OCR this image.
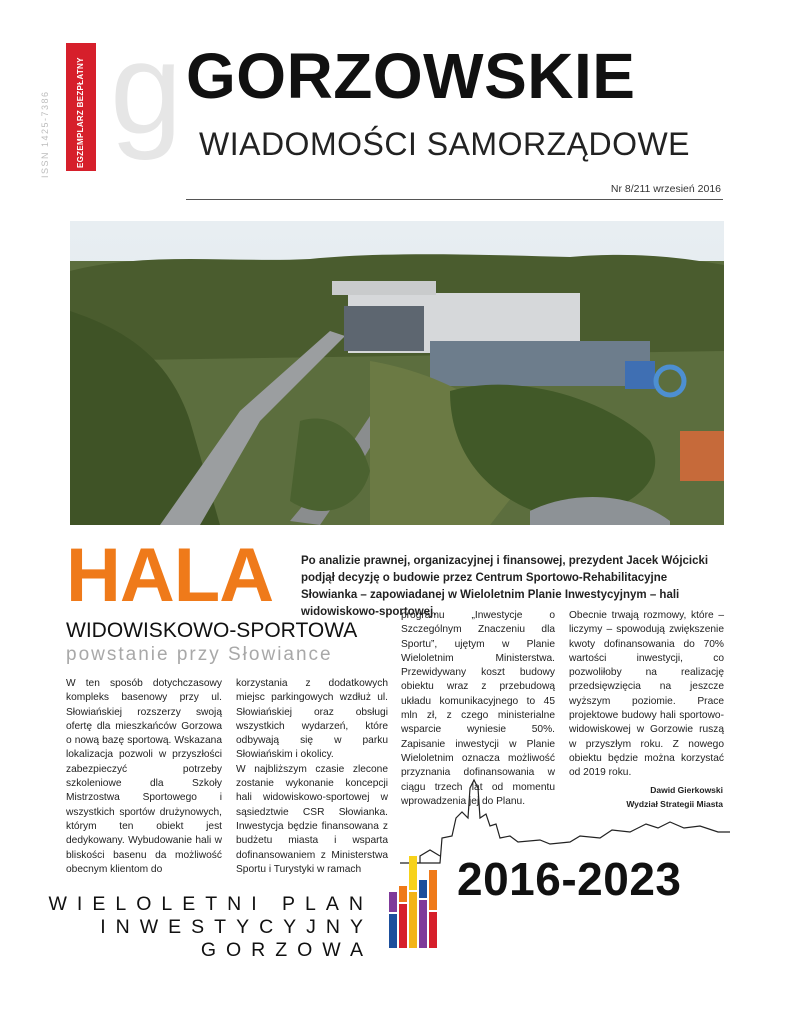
ISSN 1425-7386	EGZEMPLARZ BEZPŁATNY g GORZOWSKIE
WIADOMOŚCI SAMORZĄDOWE
Nr 8/211 wrzesień 2016
HALA Po analizie prawnej, organizacyjnej i finansowej, prezydent Jacek Wójcicki podjął decyzję o budowie przez Centrum Sportowo-Rehabilitacyjne Słowianka – zapowiadanej w Wieloletnim Planie Inwestycyjnym – hali widowiskowo-sportowej.
WIDOWISKOWO-SPORTOWA
powstanie przy Słowiance
W ten sposób dotychczasowy kompleks basenowy przy ul. Słowiańskiej rozszerzy swoją ofertę dla mieszkańców Gorzowa o nową bazę sportową. Wskazana lokalizacja pozwoli w przyszłości zabezpieczyć potrzeby szkoleniowe dla Szkoły Mistrzostwa Sportowego i wszystkich sportów drużynowych, którym ten obiekt jest dedykowany. Wybudowanie hali w bliskości basenu da możliwość obecnym klientom do
korzystania z dodatkowych miejsc parkingowych wzdłuż ul. Słowiańskiej oraz obsługi wszystkich wydarzeń, które odbywają się w parku Słowiańskim i okolicy.
W najbliższym czasie zlecone zostanie wykonanie koncepcji hali widowiskowo-sportowej w sąsiedztwie CSR Słowianka. Inwestycja będzie finansowana z budżetu miasta i wsparta dofinansowaniem z Ministerstwa Sportu i Turystyki w ramach
programu „Inwestycje o Szczególnym Znaczeniu dla Sportu”, ujętym w Planie Wieloletnim Ministerstwa. Przewidywany koszt budowy obiektu wraz z przebudową układu komunikacyjnego to 45 mln zł, z czego ministerialne wsparcie wyniesie 50%. Zapisanie inwestycji w Planie Wieloletnim oznacza możliwość przyznania dofinansowania w ciągu trzech lat od momentu wprowadzenia jej do Planu.
Obecnie trwają rozmowy, które – liczymy – spowodują zwiększenie kwoty dofinansowania do 70% wartości inwestycji, co pozwoliłoby na realizację przedsięwzięcia na jeszcze wyższym poziomie. Prace projektowe budowy hali sportowo-widowiskowej w Gorzowie ruszą w przyszłym roku. Z nowego obiektu będzie można korzystać od 2019 roku.
Dawid Gierkowski
Wydział Strategii Miasta
2016-2023
WIELOLETNI PLAN
INWESTYCYJNY
GORZOWA
